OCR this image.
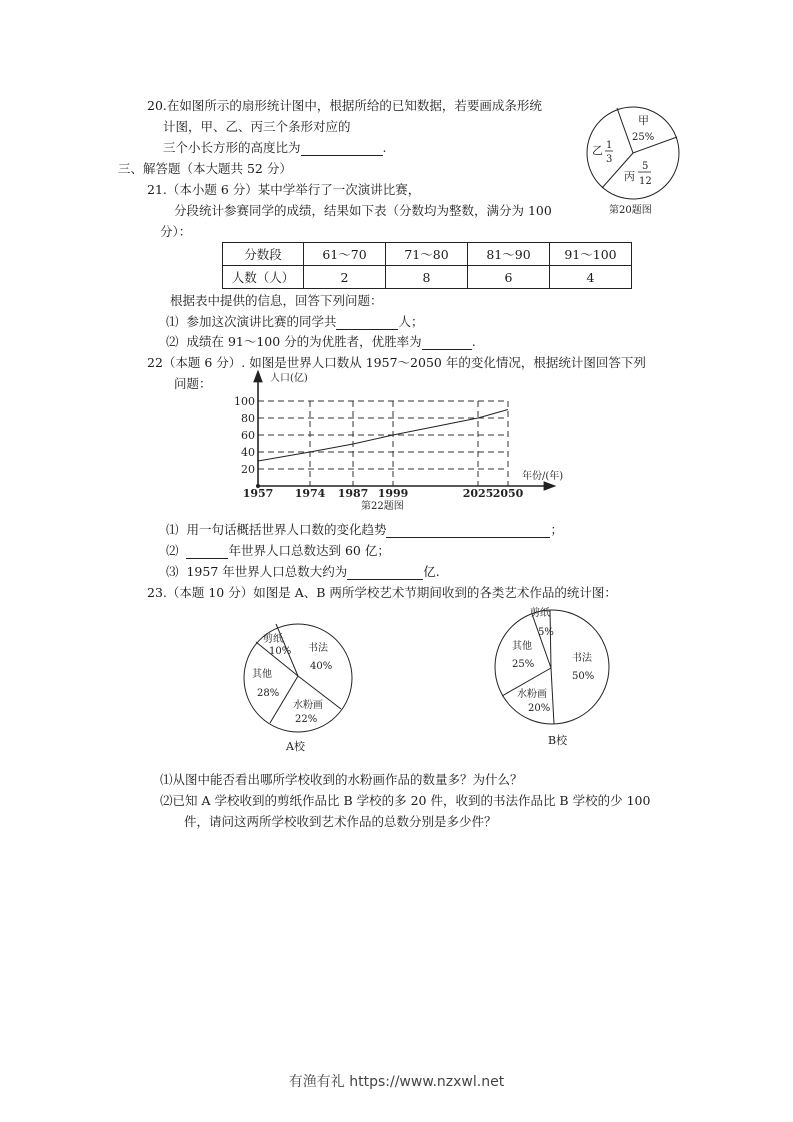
20.在如图所示的扇形统计图中，根据所给的已知数据，若要画成条形统
计图，甲、乙、丙三个条形对应的
三个小长方形的高度比为	.
甲
25%
乙 1
3
丙
5
12
第20题图
三、解答题（本大题共 52 分）
21.（本小题 6 分）某中学举行了一次演讲比赛，
分段统计参赛同学的成绩，结果如下表（分数均为整数，满分为 100
分）：
分数段	61～70	71～80	81～90	91～100
人数（人）	2	8	6	4
根据表中提供的信息，回答下列问题：
⑴ 参加这次演讲比赛的同学共	人；
⑵ 成绩在 91～100 分的为优胜者，优胜率为	.
22（本题 6 分）. 如图是世界人口数从 1957～2050 年的变化情况，根据统计图回答下列
问题：
100
80
60
40
20
人口(亿)
1957 1974 1987 1999	2025 2050
年份/(年)
第22题图
⑴ 用一句话概括世界人口数的变化趋势	；
⑵	年世界人口总数达到 60 亿；
⑶ 1957 年世界人口总数大约为	亿.
23.（本题 10 分）如图是 A、B 两所学校艺术节期间收到的各类艺术作品的统计图：
剪纸
10% 书法
40%
其他
28%
水粉画
22%
A校
剪纸
5%
其他
25%
书法
50%
水粉画
20%
B校
⑴从图中能否看出哪所学校收到的水粉画作品的数量多？为什么？
⑵已知 A 学校收到的剪纸作品比 B 学校的多 20 件，收到的书法作品比 B 学校的少 100
件，请问这两所学校收到艺术作品的总数分别是多少件？
有渔有礼 https://www.nzxwl.net
